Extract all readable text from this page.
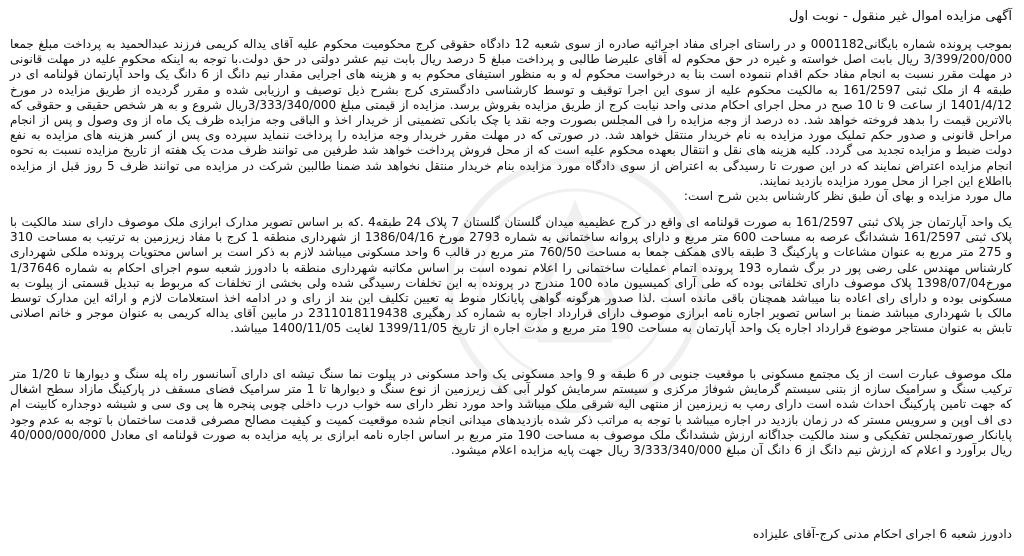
آگهی مزایده اموال غیر منقول - نوبت اول
بموجب پرونده شماره بایگانی0001182 و در راستای اجرای مفاد اجرائیه صادره از سوی شعبه 12 دادگاه حقوقی کرج محکومیت محکوم علیه آقای یداله کریمی فرزند عبدالحمید به پرداخت مبلغ جمعا 3/399/200/000 ریال بابت اصل خواسته و غیره در حق محکوم له آقای علیرضا طالبی و پرداخت مبلغ 5 درصد ریال بابت نیم عشر دولتی در حق دولت.با توجه به اینکه محکوم علیه در مهلت قانونی در مهلت مقرر نسبت به انجام مفاد حکم اقدام ننموده است بنا به درخواست محکوم له و به منظور استیفای محکوم به و هزینه های اجرایی مقدار نیم دانگ از 6 دانگ یک واحد آپارتمان قولنامه ای در طبقه 4 از ملک ثبتی 161/2597 به مالکیت محکوم علیه از سوی این اجرا توقیف و توسط کارشناسی دادگستری کرج بشرح ذیل توصیف و ارزیابی شده و مقرر گردیده از طریق مزایده در مورخ 1401/4/12 از ساعت 9 تا 10 صبح در محل اجرای احکام مدنی واحد نیابت کرج از طریق مزایده بفروش برسد. مزایده از قیمتی مبلغ 3/333/340/000ریال شروع و به هر شخص حقیقی و حقوقی که بالاترین قیمت را بدهد فروخته خواهد شد. ده درصد از وجه مزایده را فی المجلس بصورت وجه نقد یا چک بانکی تضمینی از خریدار اخذ و الباقی وجه مزایده ظرف یک ماه از وی وصول و پس از انجام مراحل قانونی و صدور حکم تملیک مورد مزایده به نام خریدار منتقل خواهد شد. در صورتی که در مهلت مقرر خریدار وجه مزایده را پرداخت ننماید سپرده وی پس از کسر هزینه های مزایده به نفع دولت ضبط و مزایده تجدید می گردد. کلیه هزینه های نقل و انتقال بعهده محکوم علیه است که از محل فروش پرداخت خواهد شد طرفین می توانند ظرف مدت یک هفته از تاریخ مزایده نسبت به نحوه انجام مزایده اعتراض نمایند که در این صورت تا رسیدگی به اعتراض از سوی دادگاه مورد مزایده بنام خریدار منتقل نخواهد شد ضمنا طالبین شرکت در مزایده می توانند ظرف 5 روز قبل از مزایده بااطلاع این اجرا از محل مورد مزایده بازدید نمایند.
مال مورد مزایده و بهای آن طبق نظر کارشناس بدین شرح است:
یک واحد آپارتمان جز پلاک ثبتی 161/2597 به صورت قولنامه ای واقع در کرج عظیمیه میدان گلستان گلستان 7 پلاک 24 طبقه4 .که بر اساس تصویر مدارک ابرازی ملک موصوف دارای سند مالکیت با پلاک ثبتی 161/2597 ششدانگ عرصه به مساحت 600 متر مربع و دارای پروانه ساختمانی به شماره 2793 مورخ 1386/04/16 از شهرداری منطقه 1 کرج با مفاد زیرزمین به ترتیب به مساحت 310 و 275 متر مربع به عنوان مشاعات و پارکینگ 3 طبقه بالای همکف جمعا به مساحت 760/50 متر مربع در قالب 6 واحد مسکونی میباشد لازم به ذکر است بر اساس محتویات پرونده ملکی شهرداری کارشناس مهندس علی رضی پور در برگ شماره 193 پرونده اتمام عملیات ساختمانی را اعلام نموده است بر اساس مکاتبه شهرداری منطقه با دادورز شعبه سوم اجرای احکام به شماره 1/37646 مورخ1398/07/04 پلاک موصوف دارای تخلفاتی بوده که طی آرای کمیسیون ماده 100 مندرج در پرونده به این تخلفات رسیدگی شده ولی بخشی از تخلفات که مربوط به تبدیل قسمتی از پیلوت به مسکونی بوده و دارای رای اعاده بنا میباشد همچنان باقی مانده است .لذا صدور هرگونه گواهی پایانکار منوط به تعیین تکلیف این بند از رای و در ادامه اخذ استعلامات لازم و ارائه این مدارک توسط مالک با شهرداری میباشد ضمنا بر اساس تصویر اجاره نامه ابرازی موصوف دارای قرارداد اجاره به شماره کد رهگیری 2311018119438 در مابین آقای یداله کریمی به عنوان موجر و خانم اصلانی تابش به عنوان مستاجر موضوع قرارداد اجاره یک واحد آپارتمان به مساحت 190 متر مربع و مدت اجاره از تاریخ 1399/11/05 لغایت 1400/11/05 میباشد.
ملک موصوف عبارت است از یک مجتمع مسکونی با موقعیت جنوبی در 6 طبقه و 9 واحد مسکونی یک واحد مسکونی در پیلوت نما سنگ تیشه ای دارای آسانسور راه پله سنگ و دیوارها تا 1/20 متر ترکیب سنگ و سرامیک سازه از بتنی سیستم گرمایش شوفاژ مرکزی و سیستم سرمایش کولر آبی کف زیرزمین از نوع سنگ و دیوارها تا 1 متر سرامیک فضای مسقف در پارکینگ مازاد سطح اشغال که جهت تامین پارکینگ احداث شده است دارای رمپ به زیرزمین از منتهی الیه شرقی ملک میباشد واحد مورد نظر دارای سه خواب درب داخلی چوبی پنجره ها پی وی سی و شیشه دوجداره کابینت ام دی اف اوپن و سرویس مستر که در زمان بازدید در اجاره میباشد با توجه به مراتب ذکر شده بازدیدهای میدانی انجام شده موقعیت کمیت و کیفیت مصالح مصرفی قدمت ساختمان با توجه به عدم وجود پایانکار صورتمجلس تفکیکی و سند مالکیت جداگانه ارزش ششدانگ ملک موصوف به مساحت 190 متر مربع بر اساس اجاره نامه ابرازی بر پایه مزایده به صورت قولنامه ای معادل 40/000/000/000 ریال برآورد و اعلام که ارزش نیم دانگ از 6 دانگ آن مبلغ 3/333/340/000 ریال جهت پایه مزایده اعلام میشود.
دادورز شعبه 6 اجرای احکام مدنی کرج-آقای علیزاده
